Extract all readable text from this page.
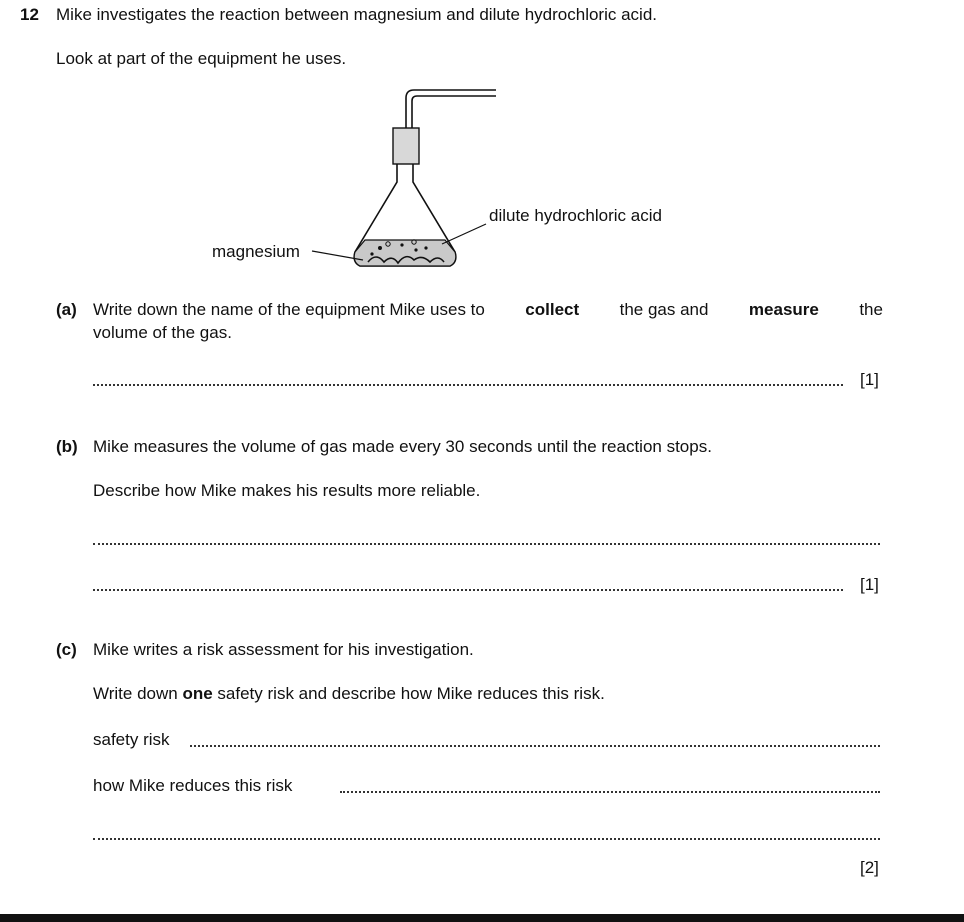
12 Mike investigates the reaction between magnesium and dilute hydrochloric acid.
Look at part of the equipment he uses.
dilute hydrochloric acid
magnesium
(a) Write down the name of the equipment Mike uses to collect the gas and measure the
volume of the gas.
[1]
(b) Mike measures the volume of gas made every 30 seconds until the reaction stops.
Describe how Mike makes his results more reliable.
[1]
(c) Mike writes a risk assessment for his investigation.
Write down one safety risk and describe how Mike reduces this risk.
safety risk
how Mike reduces this risk
[2]
